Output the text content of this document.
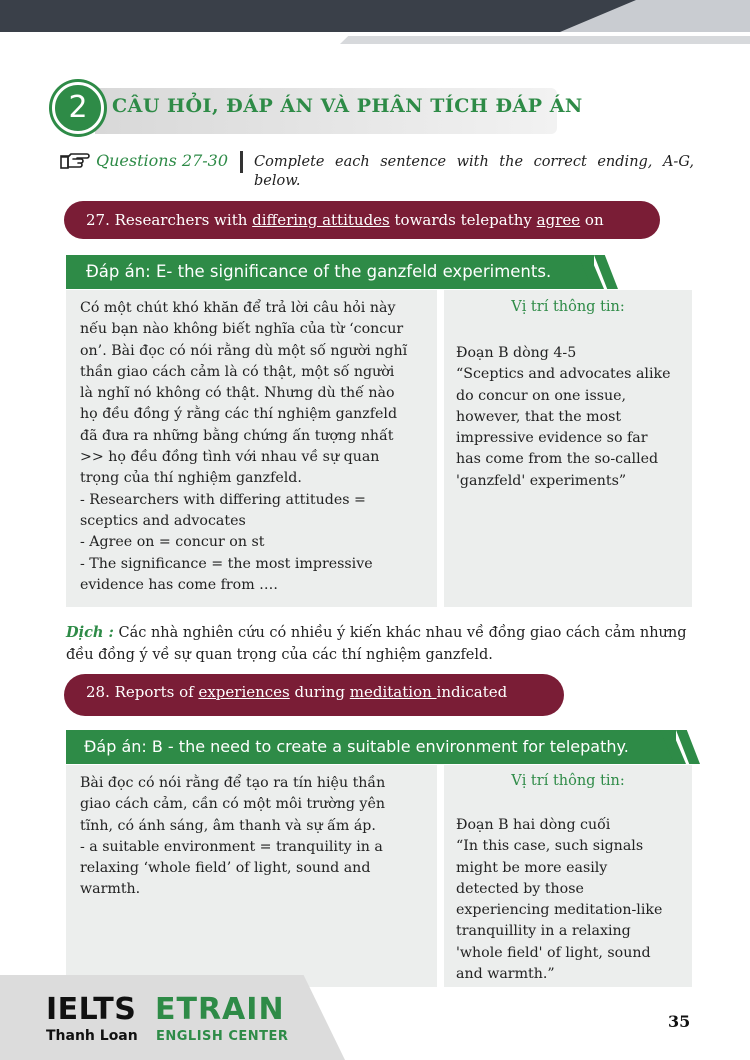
2	CÂU HỎI, ĐÁP ÁN VÀ PHÂN TÍCH ĐÁP ÁN
Questions 27-30 Complete each sentence with the correct ending, A-G,
below.
27. Researchers with differing attitudes towards telepathy agree on
Đáp án: E- the significance of the ganzfeld experiments.
Có một chút khó khăn để trả lời câu hỏi này
nếu bạn nào không biết nghĩa của từ ‘concur
on’. Bài đọc có nói rằng dù một số người nghĩ
thần giao cách cảm là có thật, một số người
là nghĩ nó không có thật. Nhưng dù thế nào
họ đều đồng ý rằng các thí nghiệm ganzfeld
đã đưa ra những bằng chứng ấn tượng nhất
>> họ đều đồng tình với nhau về sự quan
trọng của thí nghiệm ganzfeld.
- Researchers with differing attitudes =
sceptics and advocates
- Agree on = concur on st
- The significance = the most impressive
evidence has come from ….
Vị trí thông tin:
Đoạn B dòng 4-5
“Sceptics and advocates alike
do concur on one issue,
however, that the most
impressive evidence so far
has come from the so-called
'ganzfeld' experiments”
Dịch : Các nhà nghiên cứu có nhiều ý kiến khác nhau về đồng giao cách cảm nhưng
đều đồng ý về sự quan trọng của các thí nghiệm ganzfeld.
28. Reports of experiences during meditation indicated
Đáp án: B - the need to create a suitable environment for telepathy.
Bài đọc có nói rằng để tạo ra tín hiệu thần
giao cách cảm, cần có một môi trường yên
tĩnh, có ánh sáng, âm thanh và sự ấm áp.
- a suitable environment = tranquility in a
relaxing ‘whole field’ of light, sound and
warmth.
Vị trí thông tin:
Đoạn B hai dòng cuối
“In this case, such signals
might be more easily
detected by those
experiencing meditation-like
tranquillity in a relaxing
'whole field' of light, sound
and warmth.”
IELTS
Thanh Loan
ETRAIN
ENGLISH CENTER
35
